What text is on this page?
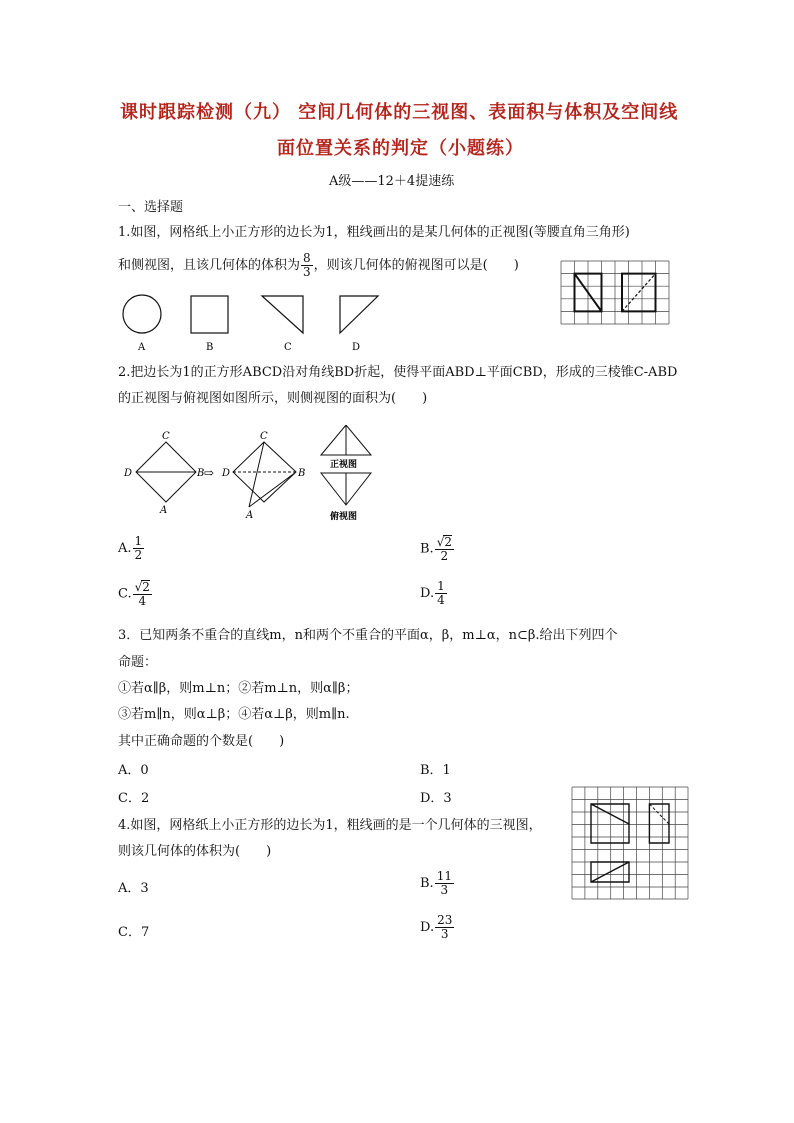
课时跟踪检测（九） 空间几何体的三视图、表面积与体积及空间线
面位置关系的判定（小题练）
A级——12＋4提速练
一、选择题
1.如图，网格纸上小正方形的边长为1，粗线画出的是某几何体的正视图(等腰直角三角形)
和侧视图，且该几何体的体积为 $\frac{8}{3}$ ，则该几何体的俯视图可以是(　　)
A	B	C	D
2.把边长为1的正方形ABCD沿对角线BD折起，使得平面ABD⊥平面CBD，形成的三棱锥C-ABD
的正视图与俯视图如图所示，则侧视图的面积为(　　)
C
D	B
A
C
D	B
A
⇨
正视图
俯视图
A. $\frac{1}{2}$	B. $\frac{√2}{2}$
C. $\frac{√2}{4}$	D. $\frac{1}{4}$
3．已知两条不重合的直线m，n和两个不重合的平面α，β，m⊥α，n⊂β.给出下列四个
命题：
①若α∥β，则m⊥n；②若m⊥n，则α∥β；
③若m∥n，则α⊥β；④若α⊥β，则m∥n.
其中正确命题的个数是(　　)
A．0	B．1
C．2	D．3
4.如图，网格纸上小正方形的边长为1，粗线画的是一个几何体的三视图，
则该几何体的体积为(　　)
A．3	B. $\frac{11}{3}$
C．7	D. $\frac{23}{3}$
